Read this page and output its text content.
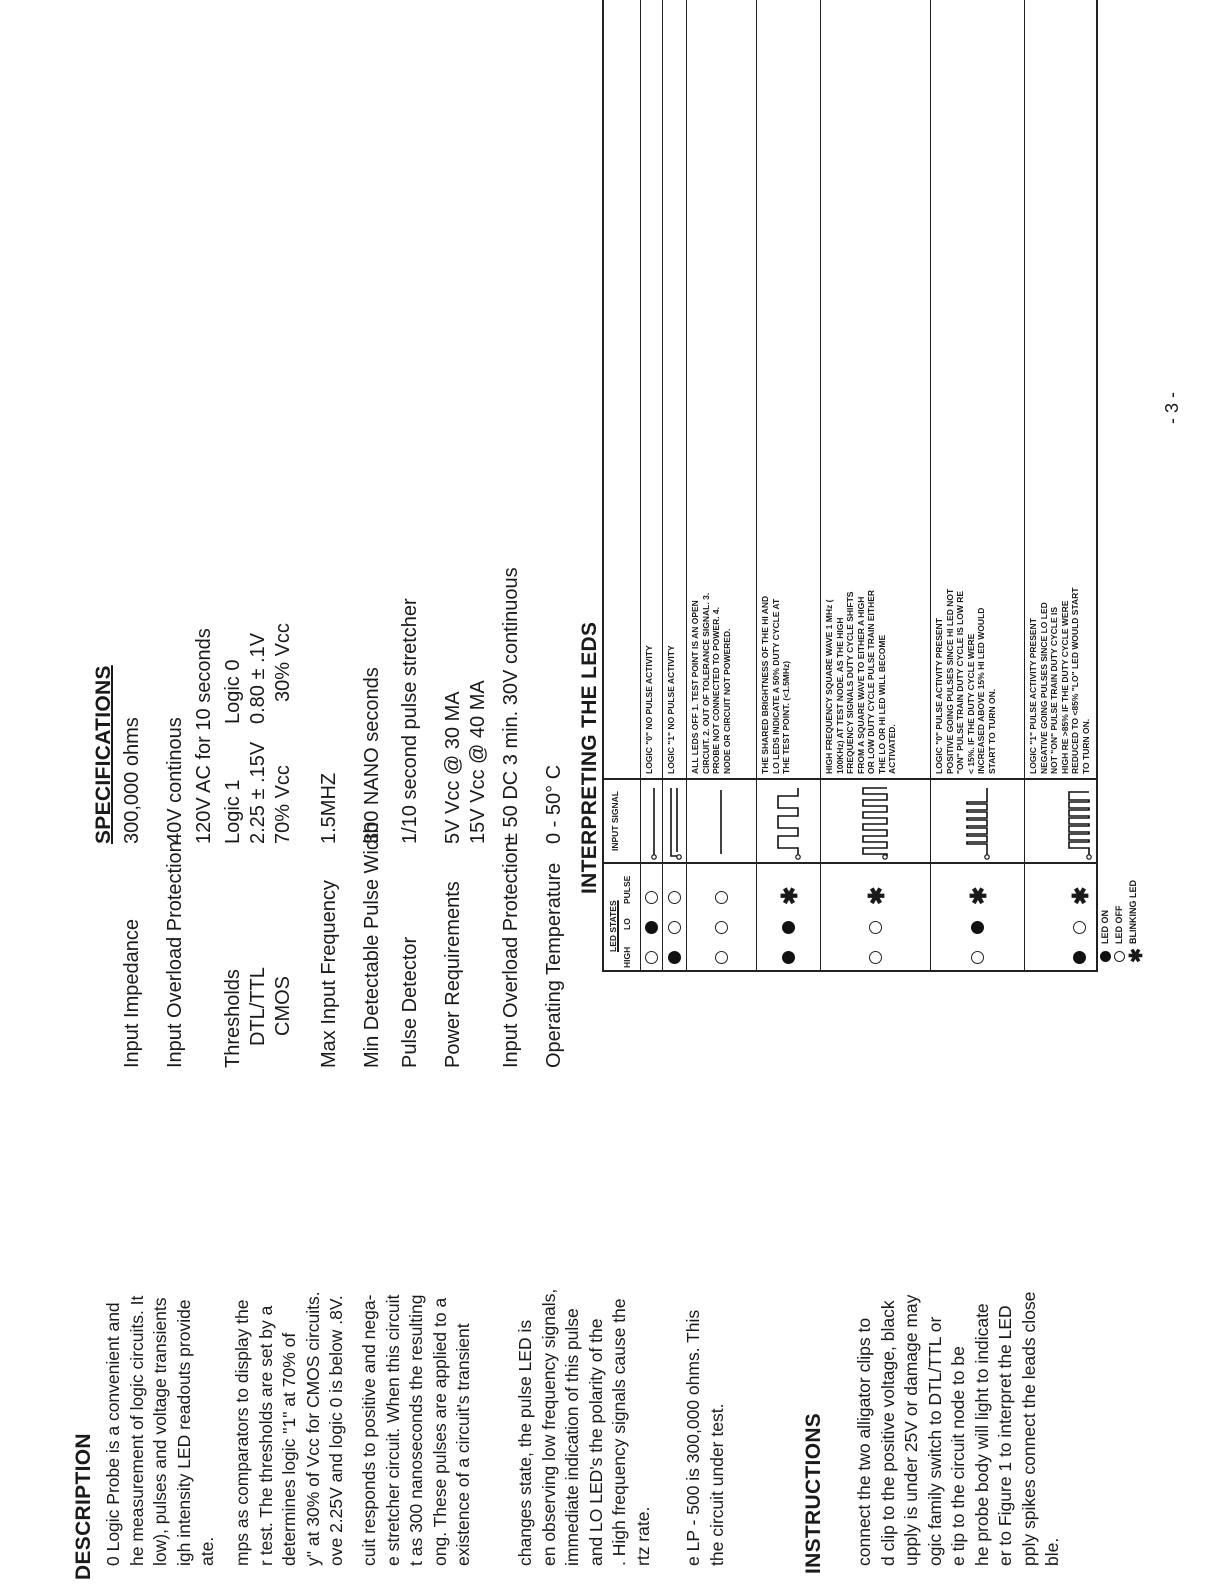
DESCRIPTION 0 Logic Probe is a convenient and he measurement of logic circuits. It low), pulses and voltage transients igh intensity LED readouts provide ate. mps as comparators to display the r test. The thresholds are set by a determines logic "1" at 70% of y" at 30% of Vcc for CMOS circuits. ove 2.25V and logic 0 is below .8V. cuit responds to positive and nega- e stretcher circuit. When this circuit t as 300 nanoseconds the resulting ong. These pulses are applied to a existence of a circuit's transient changes state, the pulse LED is en observing low frequency signals, immediate indication of this pulse and LO LED's the polarity of the . High frequency signals cause the rtz rate. e LP - 500 is 300,000 ohms. This the circuit under test.	INSTRUCTIONS connect the two alligator clips to d clip to the positive voltage, black upply is under 25V or damage may ogic family switch to DTL/TTL or e tip to the circuit node to be he probe body will light to indicate er to Figure 1 to interpret the LED pply spikes connect the leads close ble.
SPECIFICATIONS
Input Impedance
300,000 ohms
Input Overload Protection
40V continous 120V AC for 10 seconds
Thresholds
Logic 1
Logic 0
DTL/TTL
2.25 ± .15V
0.80 ± .1V
CMOS
70% Vcc
30% Vcc
Max Input Frequency
1.5MHZ
Min Detectable Pulse Width
300 NANO seconds
Pulse Detector
1/10 second pulse stretcher
Power Requirements
5V Vcc @ 30 MA 15V Vcc @ 40 MA
Input Overload Protection
± 50 DC 3 min. 30V continuous
Operating Temperature
0 - 50° C INTERPRETING THE LEDS
LED STATES
HIGH
LO
PULSE
INPUT SIGNAL
LOGIC "0" NO PULSE ACTIVITY LOGIC "1" NO PULSE ACTIVITY ALL LEDS OFF 1. TEST POINT IS AN OPEN CIRCUIT. 2. OUT OF TOLERANCE SIGNAL. 3. PROBE NOT CONNECTED TO POWER. 4. NODE OR CIRCUIT NOT POWERED.
✱
THE SHARED BRIGHTNESS OF THE HI AND LO LEDS INDICATE A 50% DUTY CYCLE AT THE TEST POINT. (<1.5MHz)
✱
HIGH FREQUENCY SQUARE WAVE 1 MHz ( 100KHz) AT TEST NODE. AS THE HIGH FREQUENCY SIGNALS DUTY CYCLE SHIFTS FROM A SQUARE WAVE TO EITHER A HIGH OR LOW DUTY CYCLE PULSE TRAIN EITHER THE LO OR HI LED WILL BECOME ACTIVATED.
✱
LOGIC "0" PULSE ACTIVITY PRESENT POSITIVE GOING PULSES SINCE HI LED NOT "ON" PULSE TRAIN DUTY CYCLE IS LOW RE < 15%. IF THE DUTY CYCLE WERE INCREASED ABOVE 15% HI LED WOULD START TO TURN ON.
✱
LOGIC "1" PULSE ACTIVITY PRESENT NEGATIVE GOING PULSES SINCE LO LED NOT "ON" PULSE TRAIN DUTY CYCLE IS HIGH RE >85% IF THE DUTY CYCLE WERE REDUCED TO <85% "LO" LED WOULD START TO TURN ON.
LED ON LED OFF
✱
BLINKING LED
- 3 -
